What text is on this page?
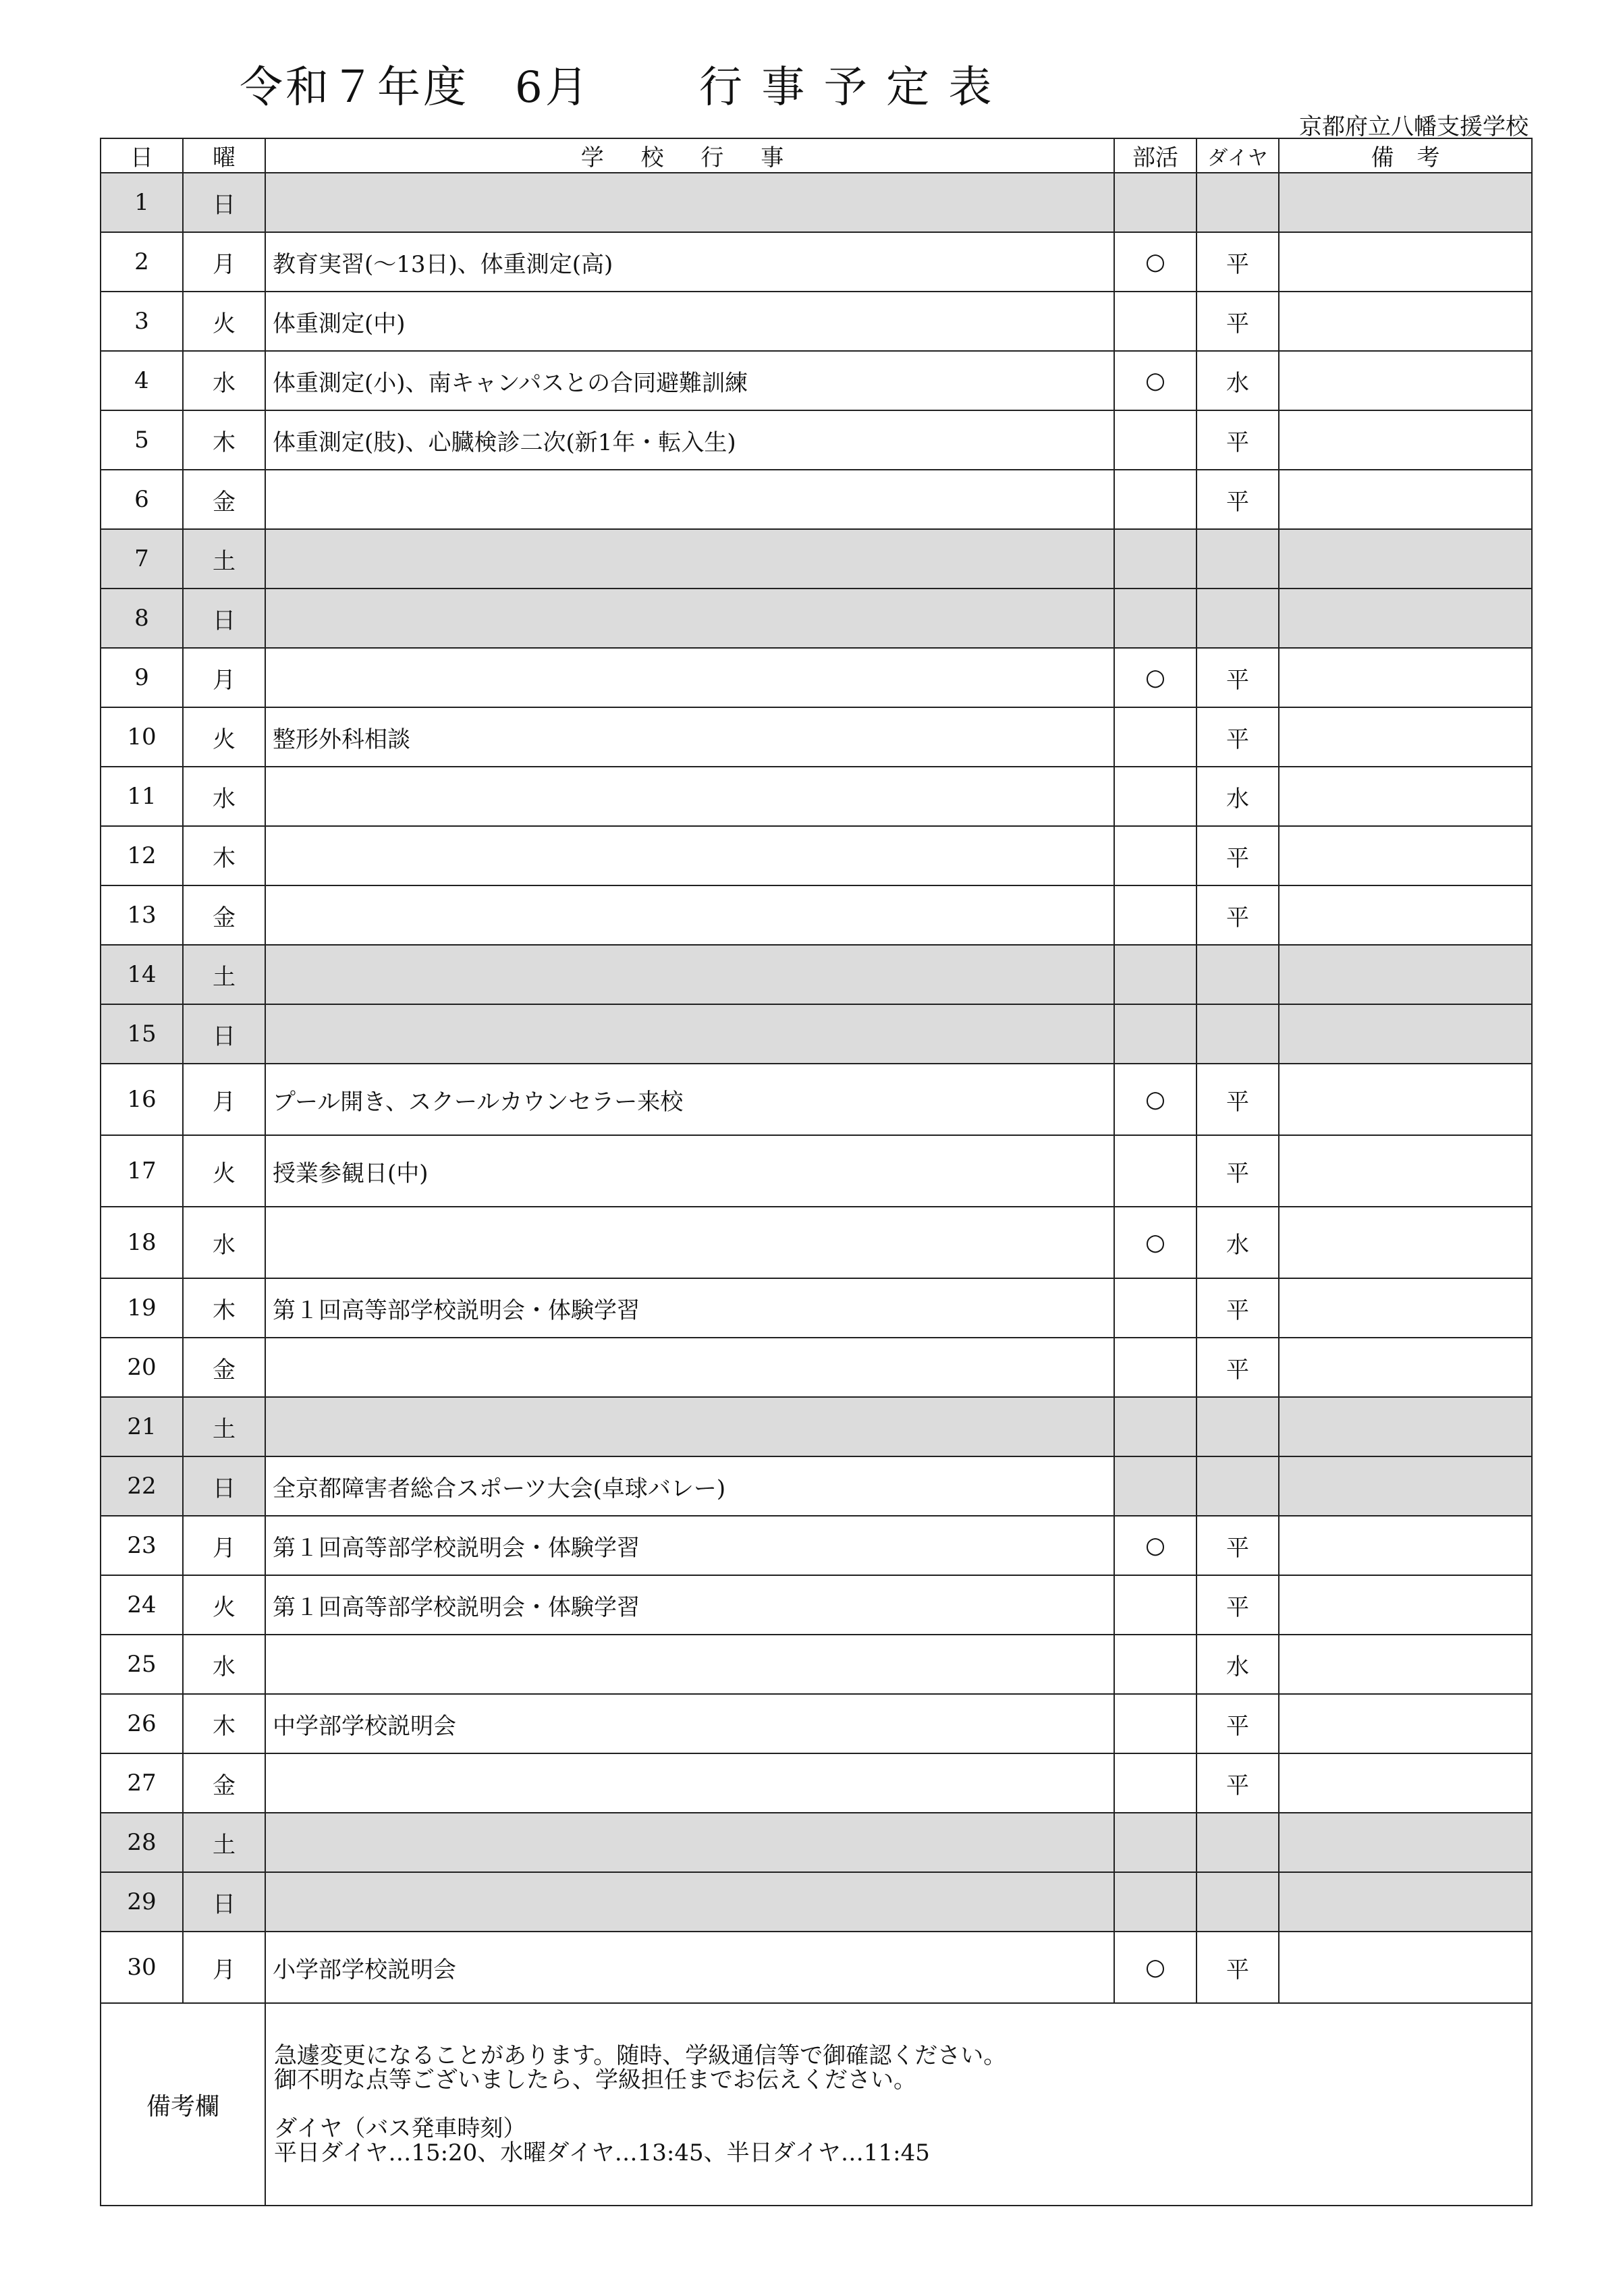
令和７年度　6月　　 行 事 予 定 表
京都府立八幡支援学校
日	曜	学 校 行 事	部活	ダイヤ	備　考
1	日				
2	月	教育実習(～13日)、体重測定(高)	○	平	
3	火	体重測定(中)		平	
4	水	体重測定(小)、南キャンパスとの合同避難訓練	○	水	
5	木	体重測定(肢)、心臓検診二次(新1年・転入生)		平	
6	金			平	
7	土				
8	日				
9	月		○	平	
10	火	整形外科相談		平	
11	水			水	
12	木			平	
13	金			平	
14	土				
15	日				
16	月	プール開き、スクールカウンセラー来校	○	平	
17	火	授業参観日(中)		平	
18	水		○	水	
19	木	第１回高等部学校説明会・体験学習		平	
20	金			平	
21	土				
22	日	全京都障害者総合スポーツ大会(卓球バレー)			
23	月	第１回高等部学校説明会・体験学習	○	平	
24	火	第１回高等部学校説明会・体験学習		平	
25	水			水	
26	木	中学部学校説明会		平	
27	金			平	
28	土				
29	日				
30	月	小学部学校説明会	○	平	
備考欄		急遽変更になることがあります。随時、学級通信等で御確認ください。
御不明な点等ございましたら、学級担任までお伝えください。
ダイヤ（バス発車時刻）
平日ダイヤ…15:20、水曜ダイヤ…13:45、半日ダイヤ…11:45			
